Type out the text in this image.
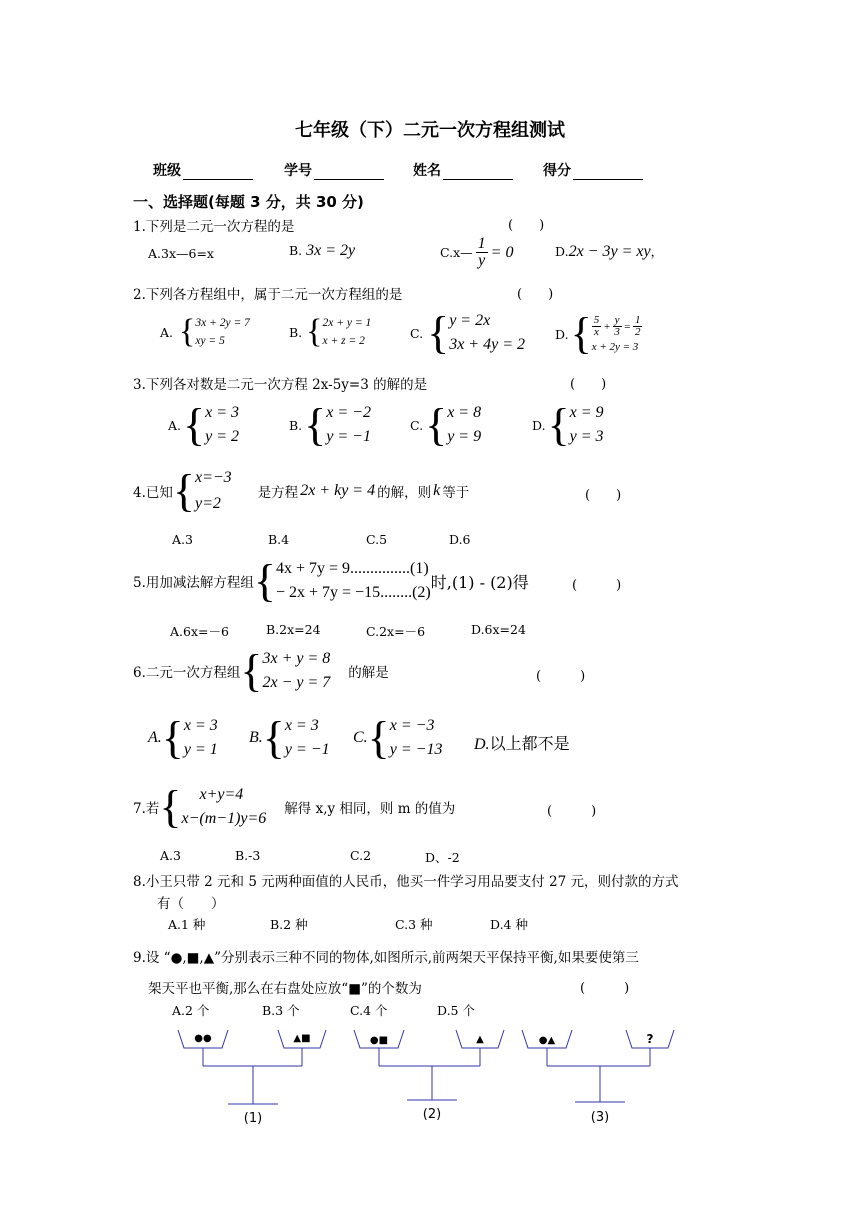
七年级（下）二元一次方程组测试
班级	学号	姓名	得分
一、选择题(每题 3 分，共 30 分)
1.下列是二元一次方程的是	(　　)
A.3x—6=x	B. 3x = 2y	C.x— $\frac{1}{y} = 0$	D.2x − 3y = xy，
2.下列各方程组中，属于二元一次方程组的是	(　　)
A. { 3x + 2y = 7
xy = 5
B. { 2x + y = 1
x + z = 2
C. { y = 2x
3x + 4y = 2
D. { $\frac{5}{x} + \frac{y}{3} = \frac{1}{2}$
x + 2y = 3
3.下列各对数是二元一次方程 2x-5y=3 的解的是	(　　)
A. { x = 3
y = 2
B. { x = −2
y = −1
C. { x = 8
y = 9
D. { x = 9
y = 3
4.已知 { x=−3
y=2
是方程 2x + ky = 4 的解，则 k 等于	(　　)
A.3	B.4	C.5	D.6
5.用加减法解方程组 { 4x + 7y = 9...............(1)
− 2x + 7y = −15........(2)
时,(1) - (2)得	(　　　)
A.6x=－6	B.2x=24	C.2x=－6	D.6x=24
6.二元一次方程组 { 3x + y = 8
2x − y = 7
的解是	(　　　)
A. { x = 3
y = 1
B. { x = 3
y = −1
C. { x = −3
y = −13 D.以上都不是
7.若 { x+y=4
x−(m−1)y=6
解得 x,y 相同，则 m 的值为	(　　　)
A.3	B.-3	C.2	D、-2
8.小王只带 2 元和 5 元两种面值的人民币，他买一件学习用品要支付 27 元，则付款的方式
有（　　）
A.1 种	B.2 种	C.3 种	D.4 种
9.设 “●,■,▲”分别表示三种不同的物体,如图所示,前两架天平保持平衡,如果要使第三
架天平也平衡,那么在右盘处应放“■”的个数为	(　　　)
A.2 个	B.3 个	C.4 个	D.5 个
●●	▲■	●■	▲	●▲	?
(1)	(2)	(3)
